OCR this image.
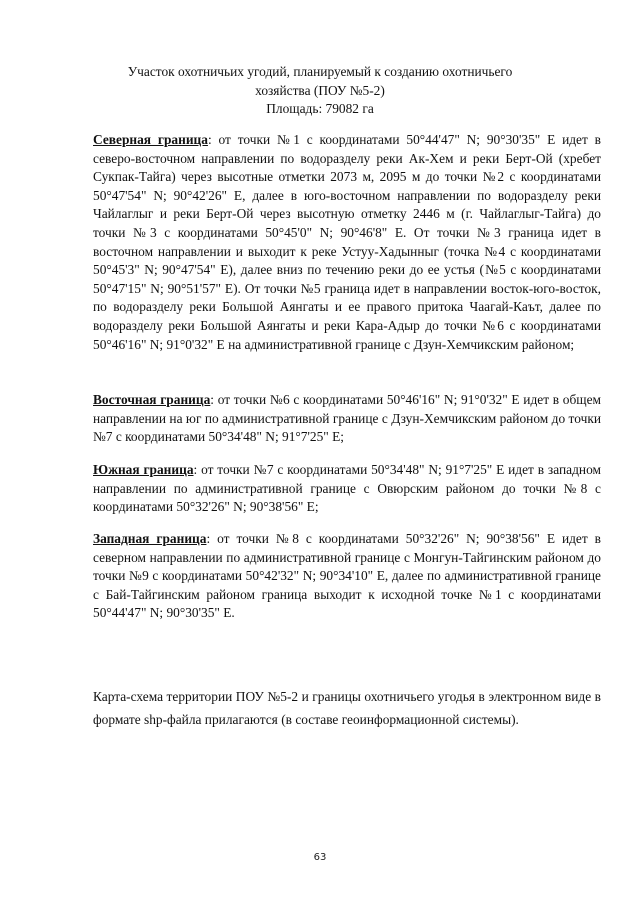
Участок охотничьих угодий, планируемый к созданию охотничьего
хозяйства (ПОУ №5-2)
Площадь: 79082 га
Северная граница: от точки №1 с координатами 50°44'47" N; 90°30'35" E идет в северо-восточном направлении по водоразделу реки Ак-Хем и реки Берт-Ой (хребет Сукпак-Тайга) через высотные отметки 2073 м, 2095 м до точки №2 с координатами 50°47'54" N; 90°42'26" E, далее в юго-восточном направлении по водоразделу реки Чайлаглыг и реки Берт-Ой через высотную отметку 2446 м (г. Чайлаглыг-Тайга) до точки №3 с координатами 50°45'0" N; 90°46'8" E. От точки №3 граница идет в восточном направлении и выходит к реке Устуу-Хадынныг (точка №4 с координатами 50°45'3" N; 90°47'54" E), далее вниз по течению реки до ее устья (№5 с координатами 50°47'15" N; 90°51'57" E). От точки №5 граница идет в направлении восток-юго-восток, по водоразделу реки Большой Аянгаты и ее правого притока Чаагай-Каът, далее по водоразделу реки Большой Аянгаты и реки Кара-Адыр до точки №6 с координатами 50°46'16" N; 91°0'32" E на административной границе с Дзун-Хемчикским районом;
Восточная граница: от точки №6 с координатами 50°46'16" N; 91°0'32" E идет в общем направлении на юг по административной границе с Дзун-Хемчикским районом до точки №7 с координатами 50°34'48" N; 91°7'25" E;
Южная граница: от точки №7 с координатами 50°34'48" N; 91°7'25" E идет в западном направлении по административной границе с Овюрским районом до точки №8 с координатами 50°32'26" N; 90°38'56" E;
Западная граница: от точки №8 с координатами 50°32'26" N; 90°38'56" E идет в северном направлении по административной границе с Монгун-Тайгинским районом до точки №9 с координатами 50°42'32" N; 90°34'10" E, далее по административной границе с Бай-Тайгинским районом граница выходит к исходной точке №1 с координатами 50°44'47" N; 90°30'35" E.
Карта-схема территории ПОУ №5-2 и границы охотничьего угодья в электронном виде в формате shp-файла прилагаются (в составе геоинформационной системы).
63
